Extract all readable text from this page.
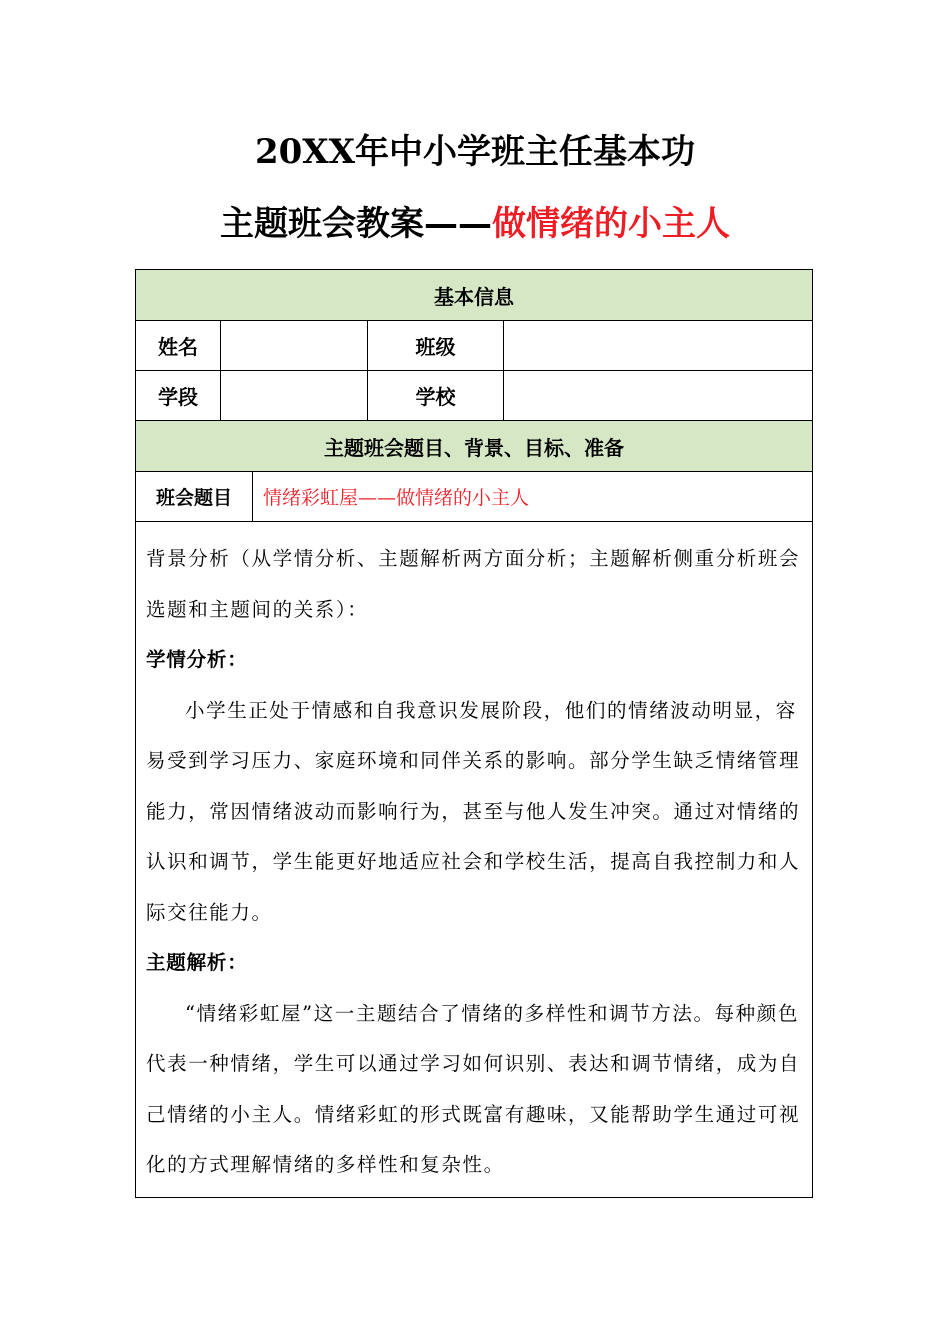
20XX年中小学班主任基本功
主题班会教案——做情绪的小主人
基本信息				
姓名			班级	
学段			学校	
主题班会题目、背景、目标、准备				
班会题目		情绪彩虹屋——做情绪的小主人		

背景分析（从学情分析、主题解析两方面分析；主题解析侧重分析班会选题和主题间的关系）：

学情分析：

小学生正处于情感和自我意识发展阶段，他们的情绪波动明显，容易受到学习压力、家庭环境和同伴关系的影响。部分学生缺乏情绪管理能力，常因情绪波动而影响行为，甚至与他人发生冲突。通过对情绪的认识和调节，学生能更好地适应社会和学校生活，提高自我控制力和人际交往能力。

主题解析：

“情绪彩虹屋”这一主题结合了情绪的多样性和调节方法。每种颜色代表一种情绪，学生可以通过学习如何识别、表达和调节情绪，成为自己情绪的小主人。情绪彩虹的形式既富有趣味，又能帮助学生通过可视化的方式理解情绪的多样性和复杂性。				
